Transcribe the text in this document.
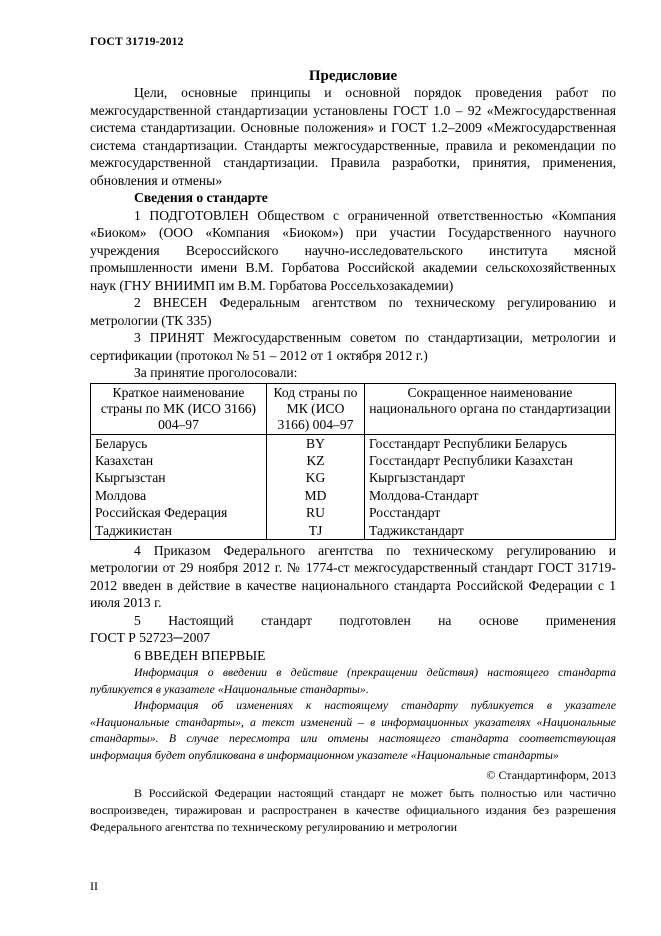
ГОСТ 31719-2012
Предисловие

Цели, основные принципы и основной порядок проведения работ по межгосударственной стандартизации установлены ГОСТ 1.0 – 92 «Межгосударственная система стандартизации. Основные положения» и ГОСТ 1.2–2009 «Межгосударственная система стандартизации. Стандарты межгосударственные, правила и рекомендации по межгосударственной стандартизации. Правила разработки, принятия, применения, обновления и отмены»

Сведения о стандарте

1 ПОДГОТОВЛЕН Обществом с ограниченной ответственностью «Компания «Биоком» (ООО «Компания «Биоком») при участии Государственного научного учреждения Всероссийского научно-исследовательского института мясной промышленности имени В.М. Горбатова Российской академии сельскохозяйственных наук (ГНУ ВНИИМП им В.М. Горбатова Россельхозакадемии)

2 ВНЕСЕН Федеральным агентством по техническому регулированию и метрологии (ТК 335)

3 ПРИНЯТ Межгосударственным советом по стандартизации, метрологии и сертификации (протокол № 51 – 2012 от 1 октября 2012 г.)

За принятие проголосовали:
Краткое наименование страны по МК (ИСО 3166) 004–97	Код страны по МК (ИСО 3166) 004–97	Сокращенное наименование национального органа по стандартизации
Беларусь	BY	Госстандарт Республики Беларусь
Казахстан	KZ	Госстандарт Республики Казахстан
Кыргызстан	KG	Кыргызстандарт
Молдова	MD	Молдова-Стандарт
Российская Федерация	RU	Росстандарт
Таджикистан	TJ	Таджикстандарт

4 Приказом Федерального агентства по техническому регулированию и метрологии от 29 ноября 2012 г. № 1774-ст межгосударственный стандарт ГОСТ 31719-2012 введен в действие в качестве национального стандарта Российской Федерации с 1 июля 2013 г.

5 Настоящий стандарт подготовлен на основе применения
ГОСТ Р 52723─2007
6 ВВЕДЕН ВПЕРВЫЕ

Информация о введении в действие (прекращении действия) настоящего стандарта публикуется в указателе «Национальные стандарты».

Информация об изменениях к настоящему стандарту публикуется в указателе «Национальные стандарты», а текст изменений – в информационных указателях «Национальные стандарты». В случае пересмотра или отмены настоящего стандарта соответствующая информация будет опубликована в информационном указателе «Национальные стандарты»

© Стандартинформ, 2013

В Российской Федерации настоящий стандарт не может быть полностью или частично воспроизведен, тиражирован и распространен в качестве официального издания без разрешения Федерального агентства по техническому регулированию и метрологии

II
